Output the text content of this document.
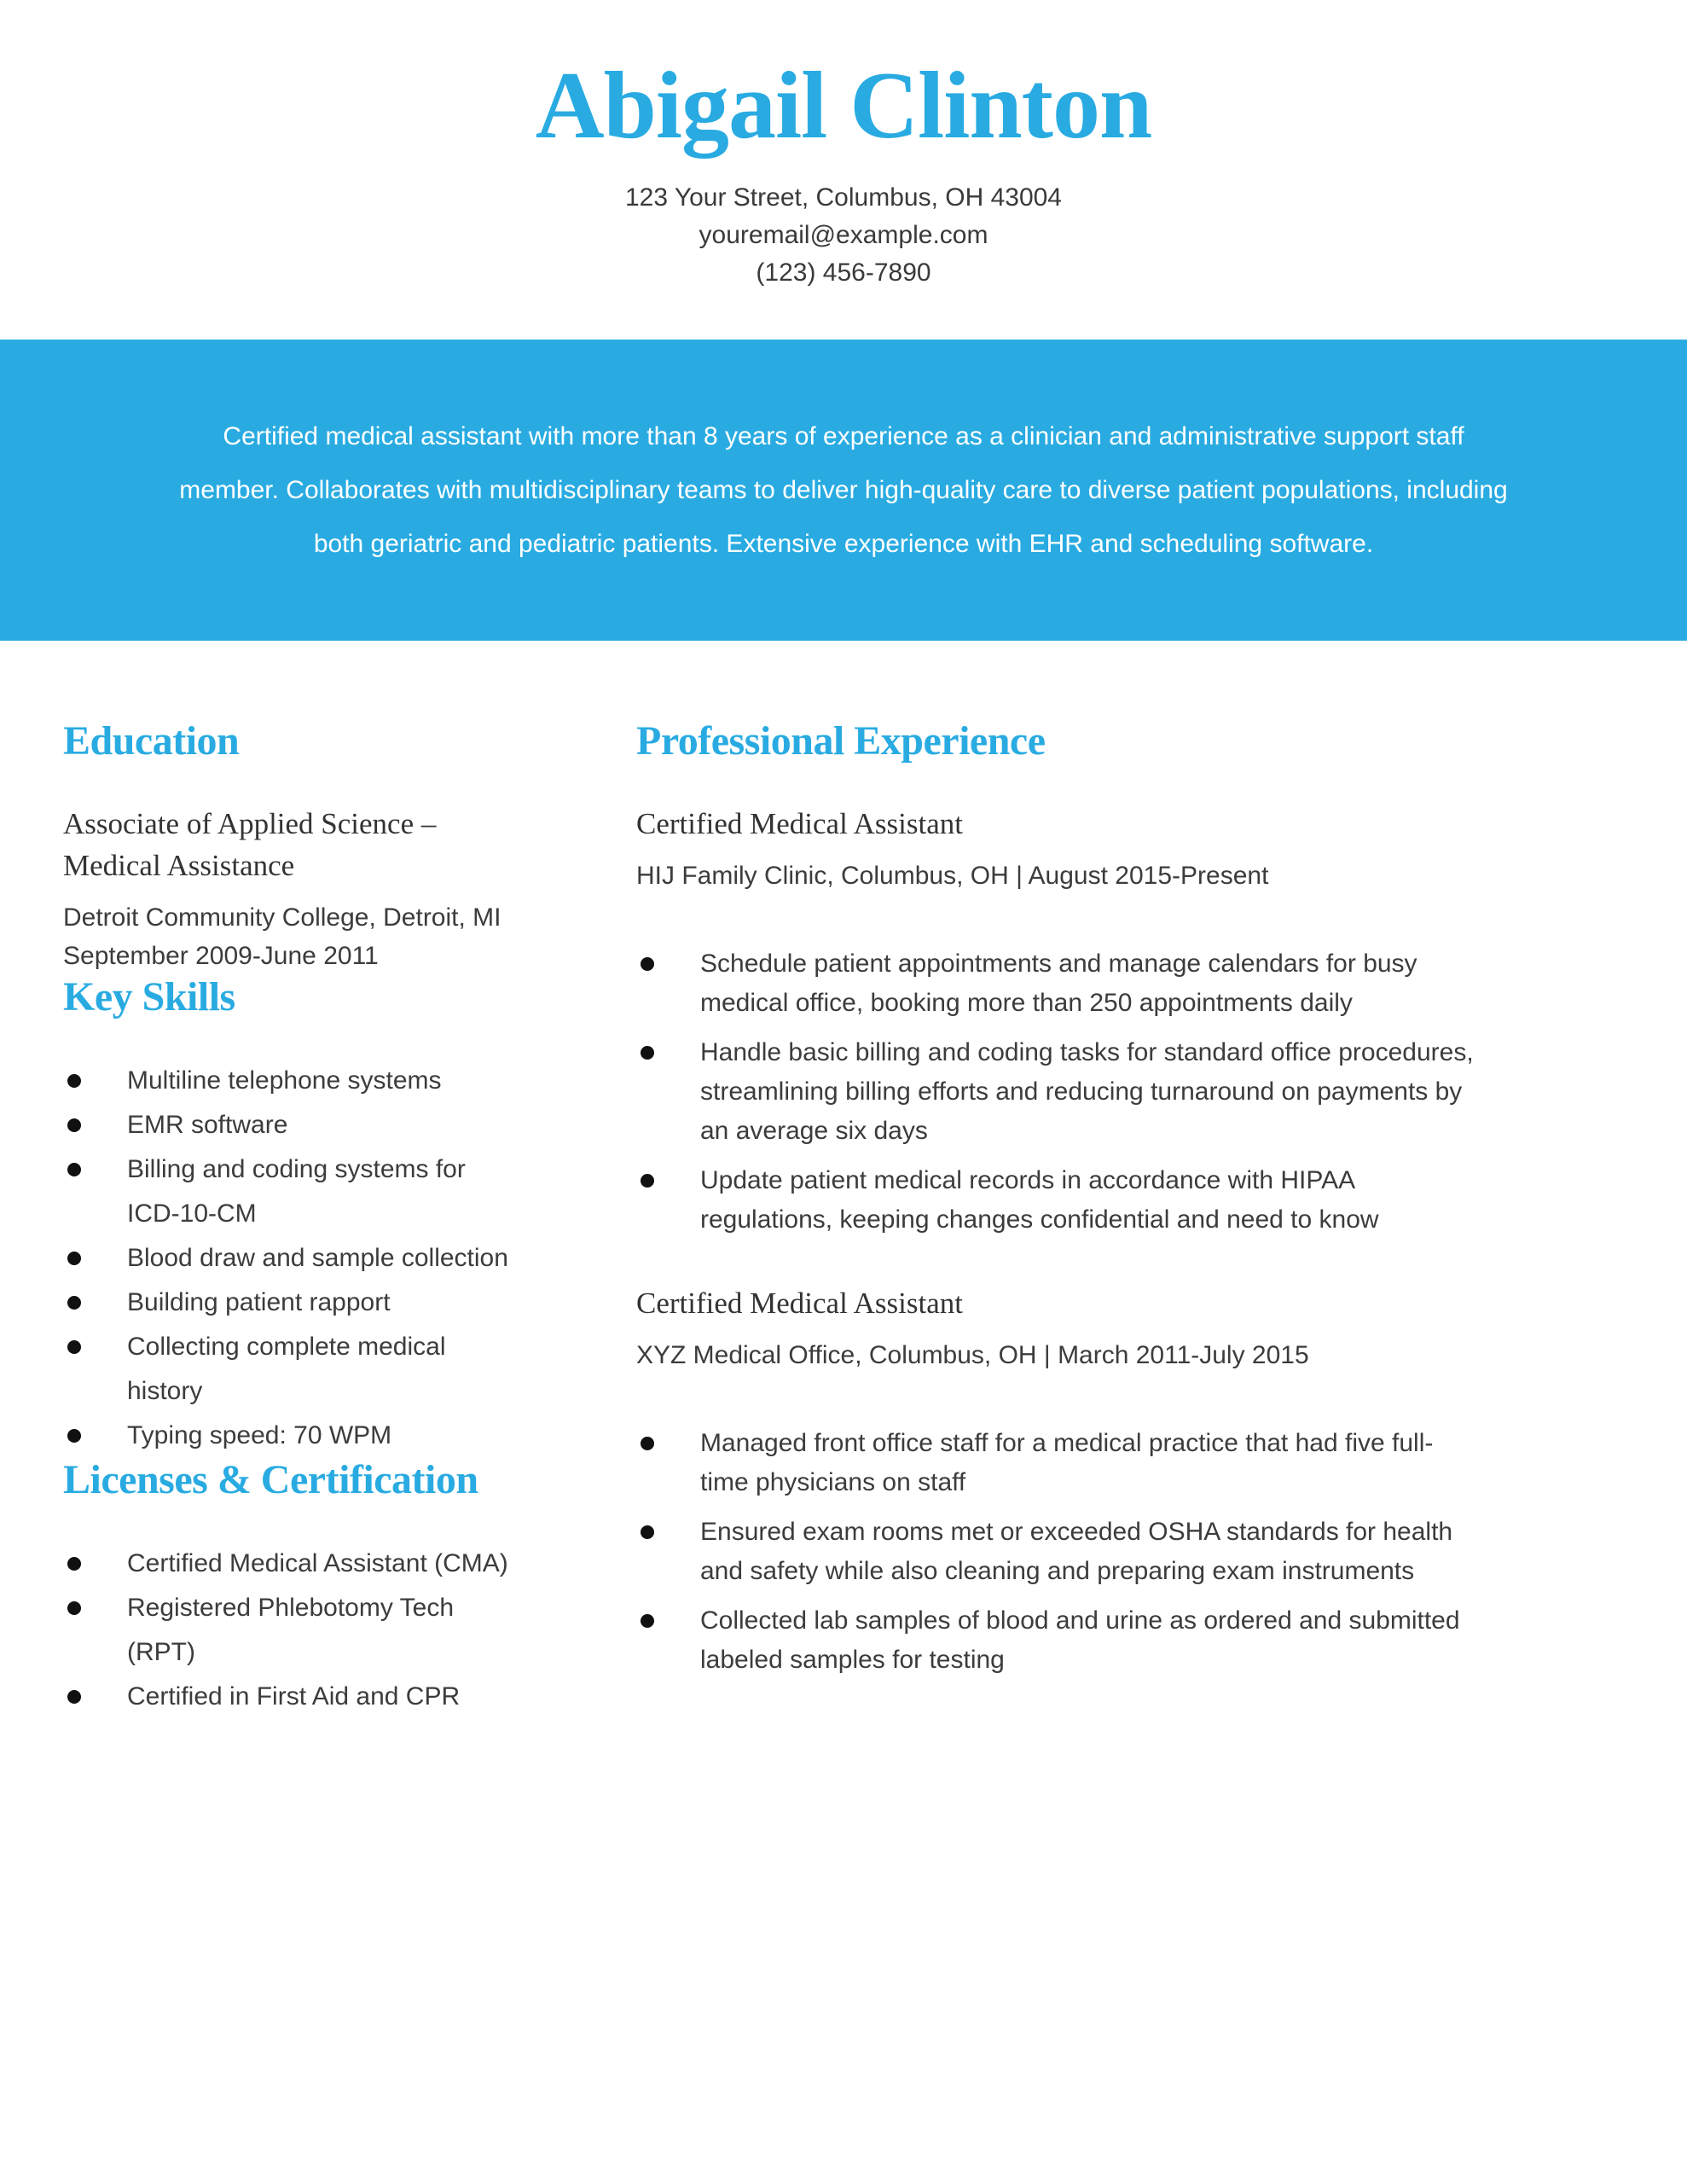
Abigail Clinton
123 Your Street, Columbus, OH 43004
youremail@example.com
(123) 456-7890
Certified medical assistant with more than 8 years of experience as a clinician and administrative support staff member. Collaborates with multidisciplinary teams to deliver high-quality care to diverse patient populations, including both geriatric and pediatric patients. Extensive experience with EHR and scheduling software.
Education

Associate of Applied Science – Medical Assistance

Detroit Community College, Detroit, MI

September 2009-June 2011

Key Skills
Multiline telephone systems
EMR software
Billing and coding systems for ICD-10-CM
Blood draw and sample collection
Building patient rapport
Collecting complete medical history
Typing speed: 70 WPM
Licenses & Certification
Certified Medical Assistant (CMA)
Registered Phlebotomy Tech (RPT)
Certified in First Aid and CPR
Professional Experience

Certified Medical Assistant

HIJ Family Clinic, Columbus, OH | August 2015-Present

Schedule patient appointments and manage calendars for busy medical office, booking more than 250 appointments daily
Handle basic billing and coding tasks for standard office procedures, streamlining billing efforts and reducing turnaround on payments by an average six days
Update patient medical records in accordance with HIPAA regulations, keeping changes confidential and need to know

Certified Medical Assistant

XYZ Medical Office, Columbus, OH | March 2011-July 2015

Managed front office staff for a medical practice that had five full-time physicians on staff
Ensured exam rooms met or exceeded OSHA standards for health and safety while also cleaning and preparing exam instruments
Collected lab samples of blood and urine as ordered and submitted labeled samples for testing
